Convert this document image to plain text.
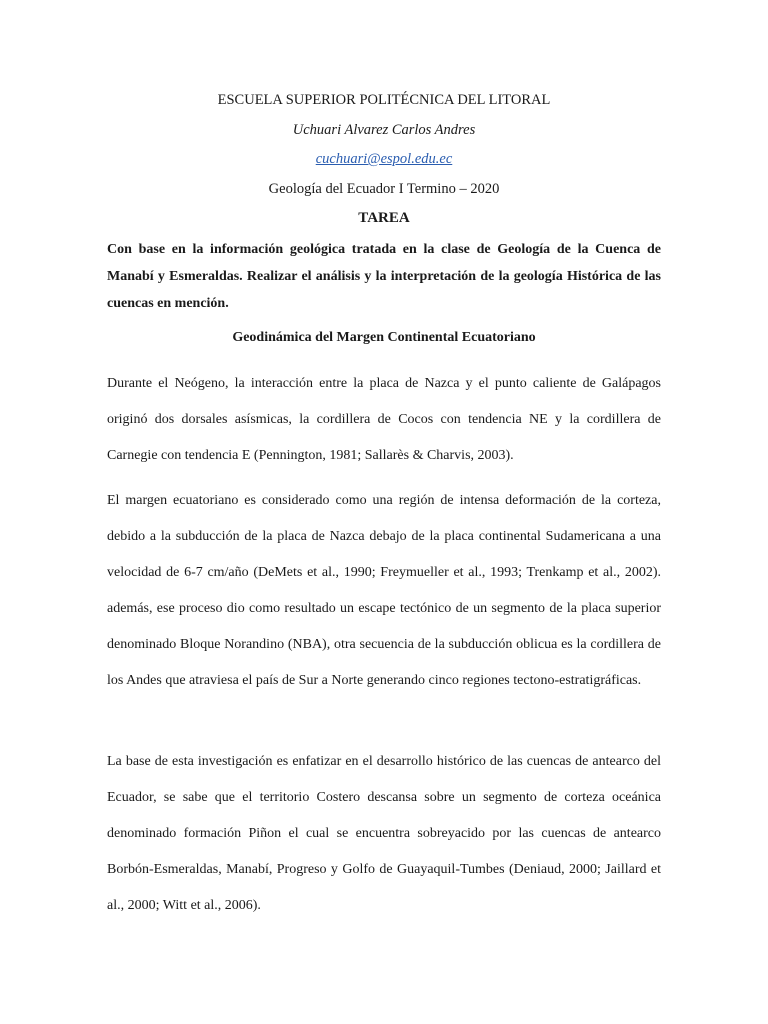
ESCUELA SUPERIOR POLITÉCNICA DEL LITORAL
Uchuari Alvarez Carlos Andres
cuchuari@espol.edu.ec
Geología del Ecuador I Termino – 2020
TAREA
Con base en la información geológica tratada en la clase de Geología de la Cuenca de Manabí y Esmeraldas. Realizar el análisis y la interpretación de la geología Histórica de las cuencas en mención.
Geodinámica del Margen Continental Ecuatoriano

Durante el Neógeno, la interacción entre la placa de Nazca y el punto caliente de Galápagos originó dos dorsales asísmicas, la cordillera de Cocos con tendencia NE y la cordillera de Carnegie con tendencia E (Pennington, 1981; Sallarès & Charvis, 2003).

El margen ecuatoriano es considerado como una región de intensa deformación de la corteza, debido a la subducción de la placa de Nazca debajo de la placa continental Sudamericana a una velocidad de 6-7 cm/año (DeMets et al., 1990; Freymueller et al., 1993; Trenkamp et al., 2002). además, ese proceso dio como resultado un escape tectónico de un segmento de la placa superior denominado Bloque Norandino (NBA), otra secuencia de la subducción oblicua es la cordillera de los Andes que atraviesa el país de Sur a Norte generando cinco regiones tectono-estratigráficas.

La base de esta investigación es enfatizar en el desarrollo histórico de las cuencas de antearco del Ecuador, se sabe que el territorio Costero descansa sobre un segmento de corteza oceánica denominado formación Piñon el cual se encuentra sobreyacido por las cuencas de antearco Borbón-Esmeraldas, Manabí, Progreso y Golfo de Guayaquil-Tumbes (Deniaud, 2000; Jaillard et al., 2000; Witt et al., 2006).
